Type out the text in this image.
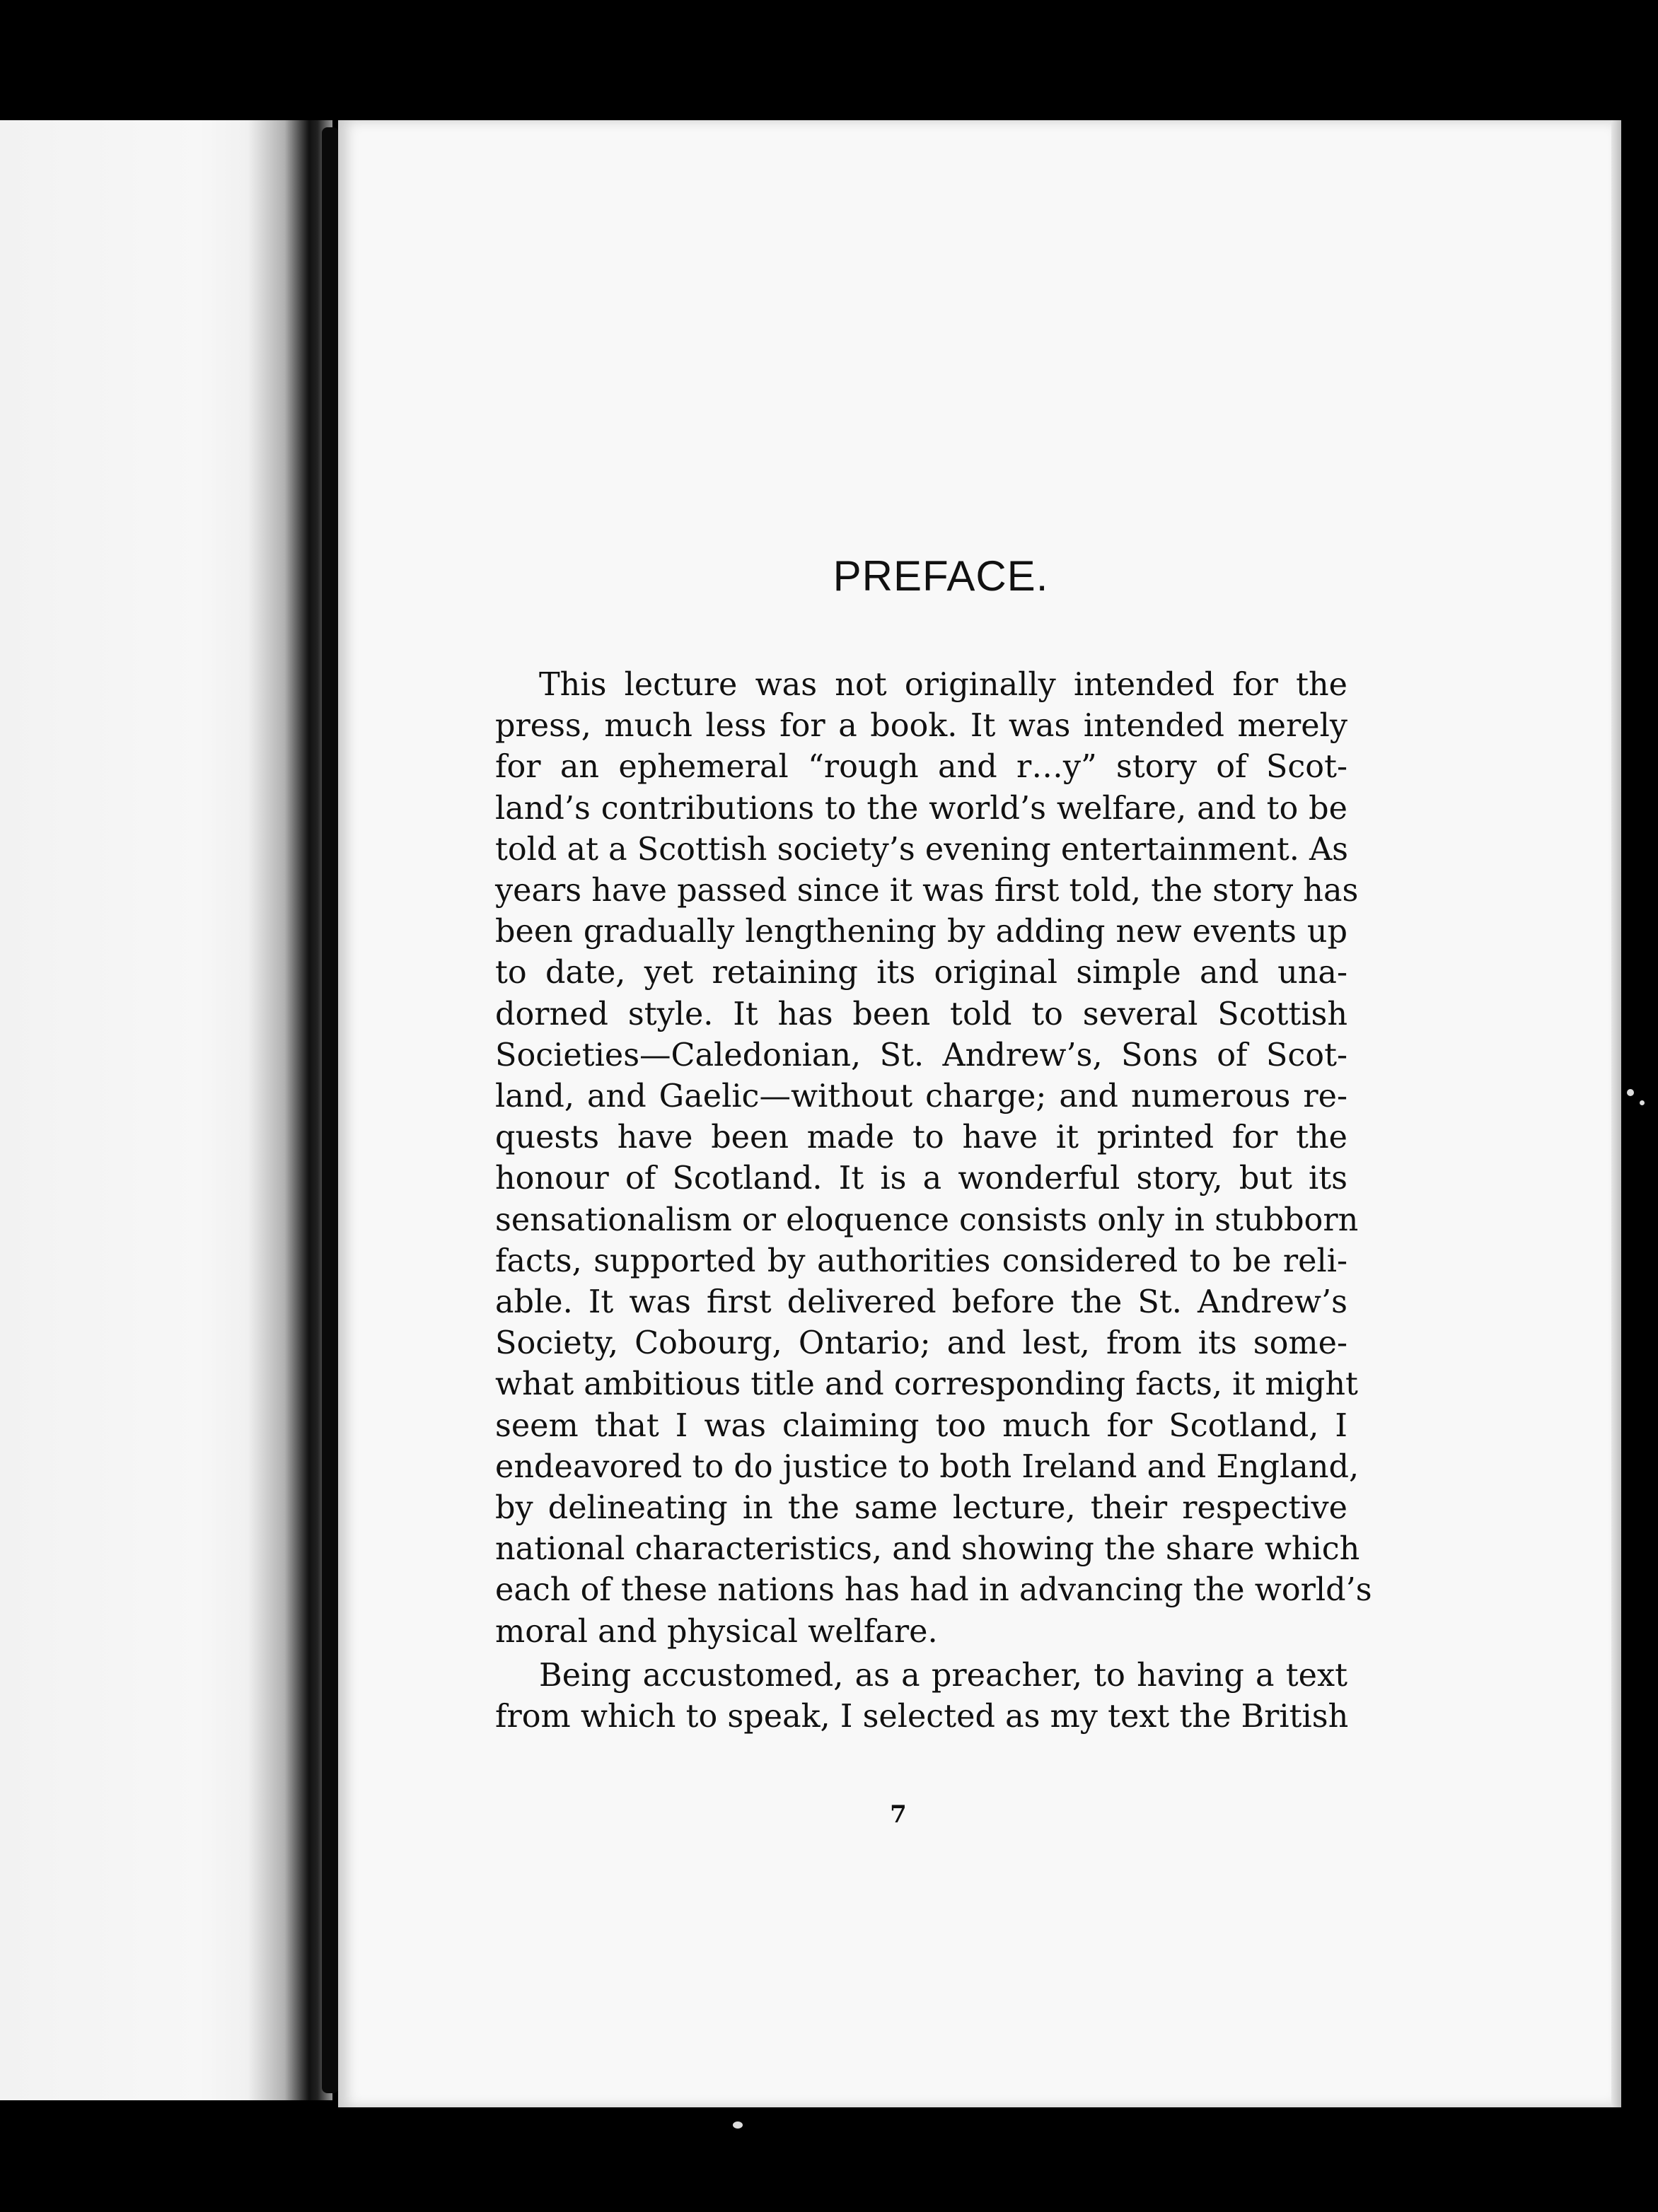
PREFACE.
This lecture was not originally intended for the
press, much less for a book. It was intended merely
for an ephemeral “rough and r…y” story of Scot-
land’s contributions to the world’s welfare, and to be
told at a Scottish society’s evening entertainment. As
years have passed since it was first told, the story has
been gradually lengthening by adding new events up
to date, yet retaining its original simple and una-
dorned style. It has been told to several Scottish
Societies—Caledonian, St. Andrew’s, Sons of Scot-
land, and Gaelic—without charge; and numerous re-
quests have been made to have it printed for the
honour of Scotland. It is a wonderful story, but its
sensationalism or eloquence consists only in stubborn
facts, supported by authorities considered to be reli-
able. It was first delivered before the St. Andrew’s
Society, Cobourg, Ontario; and lest, from its some-
what ambitious title and corresponding facts, it might
seem that I was claiming too much for Scotland, I
endeavored to do justice to both Ireland and England,
by delineating in the same lecture, their respective
national characteristics, and showing the share which
each of these nations has had in advancing the world’s
moral and physical welfare.
Being accustomed, as a preacher, to having a text
from which to speak, I selected as my text the British
7
